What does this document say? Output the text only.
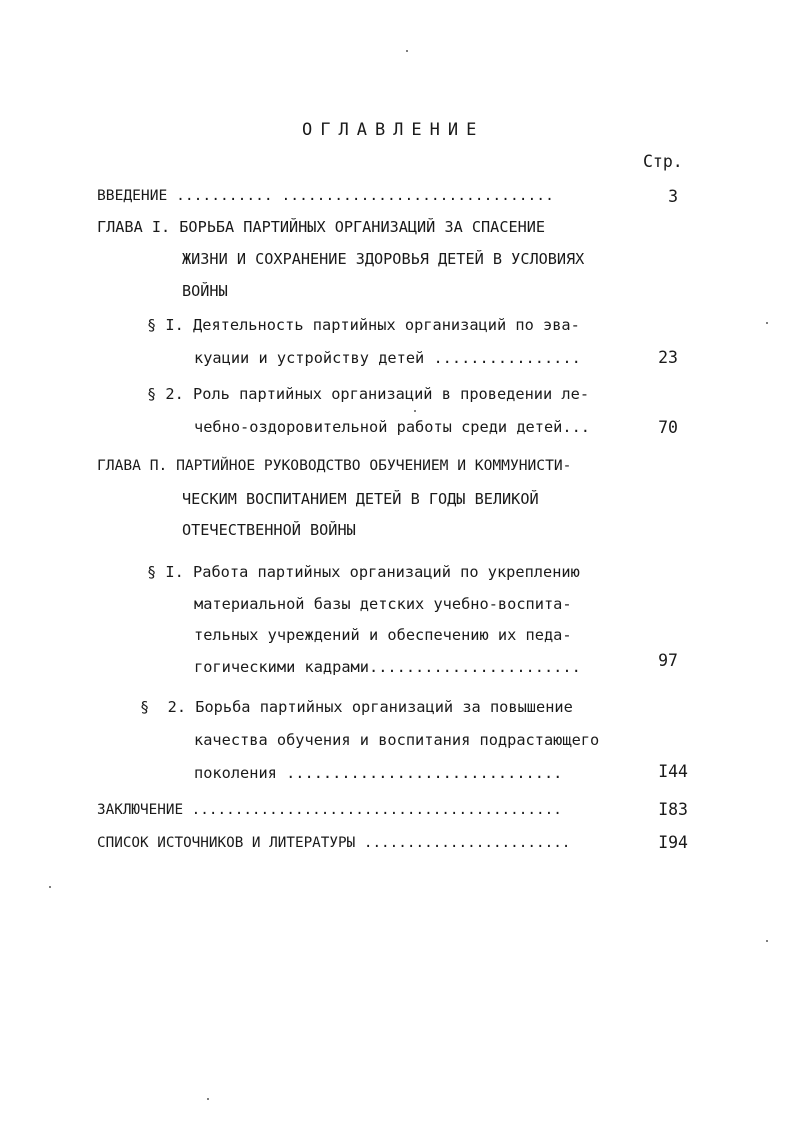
ОГЛАВЛЕНИЕ
Стр.
ВВЕДЕНИЕ ........... ...............................	3
ГЛАВА I. БОРЬБА ПАРТИЙНЫХ ОРГАНИЗАЦИЙ ЗА СПАСЕНИЕ
ЖИЗНИ И СОХРАНЕНИЕ ЗДОРОВЬЯ ДЕТЕЙ В УСЛОВИЯХ
ВОЙНЫ
§ I. Деятельность партийных организаций по эва-
куации и устройству детей ................	23
§ 2. Роль партийных организаций в проведении ле-
чебно-оздоровительной работы среди детей...	70
ГЛАВА П. ПАРТИЙНОЕ РУКОВОДСТВО ОБУЧЕНИЕМ И КОММУНИСТИ-
ЧЕСКИМ ВОСПИТАНИЕМ ДЕТЕЙ В ГОДЫ ВЕЛИКОЙ
ОТЕЧЕСТВЕННОЙ ВОЙНЫ
§ I. Работа партийных организаций по укреплению
материальной базы детских учебно-воспита-
тельных учреждений и обеспечению их педа-
гогическими кадрами.......................	97
§  2. Борьба партийных организаций за повышение
качества обучения и воспитания подрастающего
поколения ..............................	I44
ЗАКЛЮЧЕНИЕ ...........................................	I83
СПИСОК ИСТОЧНИКОВ И ЛИТЕРАТУРЫ ........................	I94
